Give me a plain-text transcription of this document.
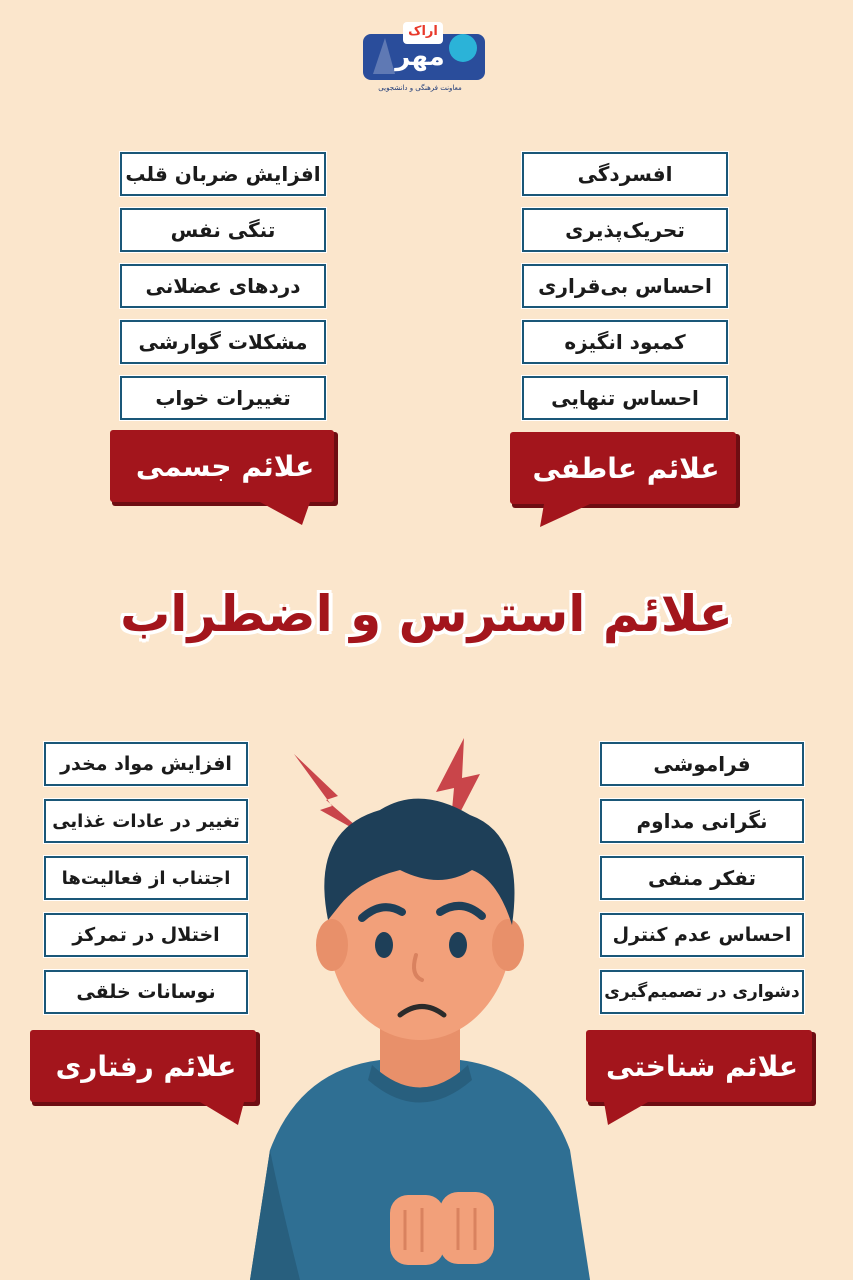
مهر
اراک
معاونت فرهنگی و دانشجویی
افزایش ضربان قلب
تنگی نفس
دردهای عضلانی
مشکلات گوارشی
تغییرات خواب
علائم جسمی
افسردگی
تحریک‌پذیری
احساس بی‌قراری
کمبود انگیزه
احساس تنهایی
علائم عاطفی
علائم استرس و اضطراب
افزایش مواد مخدر
تغییر در عادات غذایی
اجتناب از فعالیت‌ها
اختلال در تمرکز
نوسانات خلقی
علائم رفتاری
فراموشی
نگرانی مداوم
تفکر منفی
احساس عدم کنترل
دشواری در تصمیم‌گیری
علائم شناختی
